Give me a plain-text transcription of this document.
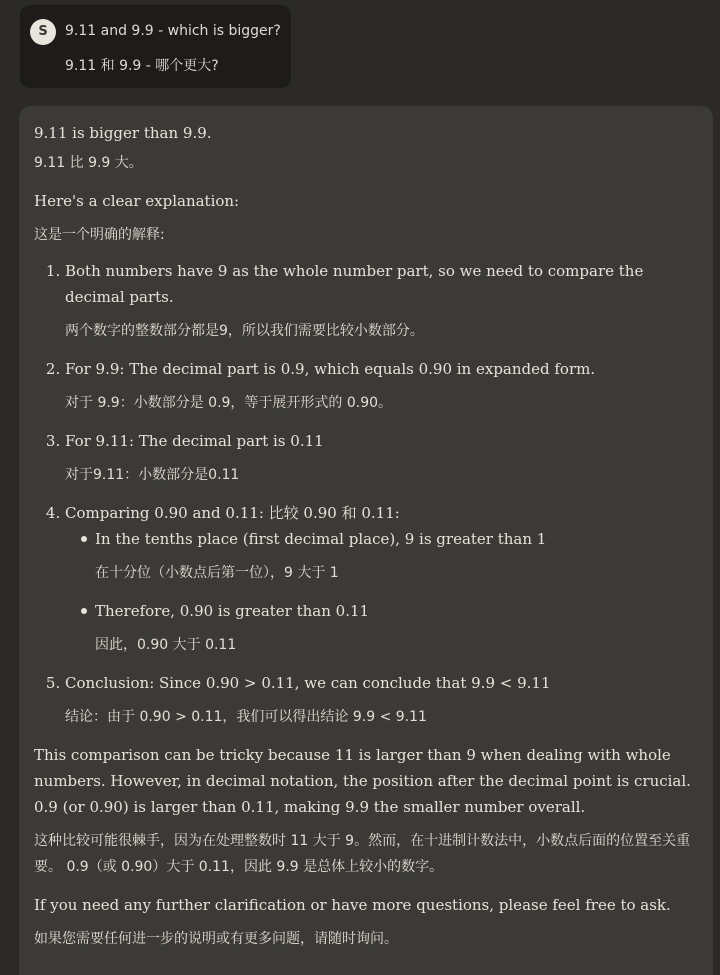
S	9.11 and 9.9 - which is bigger?
9.11 和 9.9 - 哪个更大?

9.11 is bigger than 9.9.

9.11 比 9.9 大。

Here's a clear explanation:

这是一个明确的解释:

1. Both numbers have 9 as the whole number part, so we need to compare the decimal parts.

两个数字的整数部分都是9，所以我们需要比较小数部分。

2. For 9.9: The decimal part is 0.9, which equals 0.90 in expanded form.

对于 9.9：小数部分是 0.9，等于展开形式的 0.90。

3. For 9.11: The decimal part is 0.11

对于9.11：小数部分是0.11

4. Comparing 0.90 and 0.11: 比较 0.90 和 0.11:

In the tenths place (first decimal place), 9 is greater than 1

在十分位（小数点后第一位），9 大于 1

Therefore, 0.90 is greater than 0.11

因此，0.90 大于 0.11

5. Conclusion: Since 0.90 > 0.11, we can conclude that 9.9 < 9.11

结论：由于 0.90 > 0.11，我们可以得出结论 9.9 < 9.11

This comparison can be tricky because 11 is larger than 9 when dealing with whole numbers. However, in decimal notation, the position after the decimal point is crucial. 0.9 (or 0.90) is larger than 0.11, making 9.9 the smaller number overall.

这种比较可能很棘手，因为在处理整数时 11 大于 9。然而，在十进制计数法中，小数点后面的位置至关重要。 0.9（或 0.90）大于 0.11，因此 9.9 是总体上较小的数字。

If you need any further clarification or have more questions, please feel free to ask.

如果您需要任何进一步的说明或有更多问题，请随时询问。
